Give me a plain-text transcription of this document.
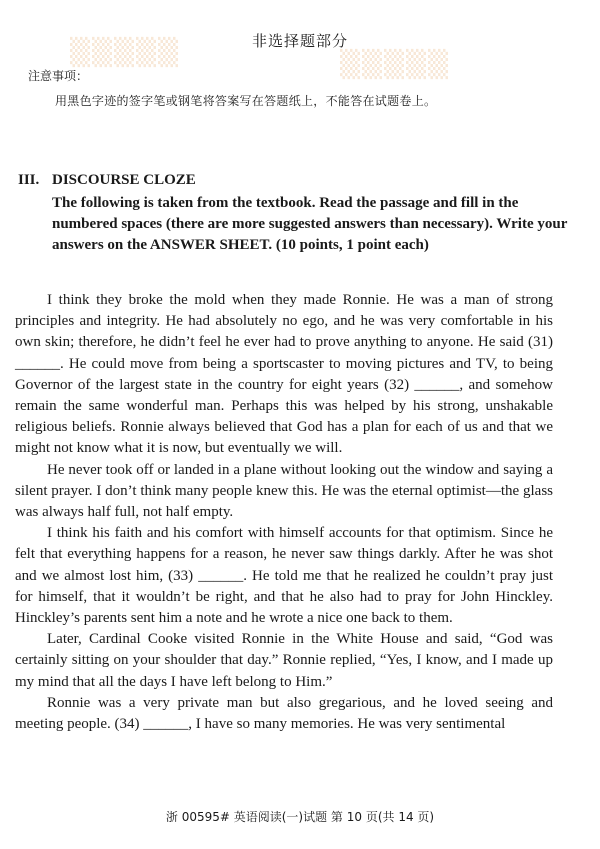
▒▒▒▒▒	▒▒▒▒▒
非选择题部分
注意事项：
用黑色字迹的签字笔或钢笔将答案写在答题纸上，不能答在试题卷上。
III. DISCOURSE CLOZE
The following is taken from the textbook. Read the passage and fill in the numbered spaces (there are more suggested answers than necessary). Write your answers on the ANSWER SHEET. (10 points, 1 point each)

I think they broke the mold when they made Ronnie. He was a man of strong principles and integrity. He had absolutely no ego, and he was very comfortable in his own skin; therefore, he didn’t feel he ever had to prove anything to anyone. He said (31) ______. He could move from being a sportscaster to moving pictures and TV, to being Governor of the largest state in the country for eight years (32) ______, and somehow remain the same wonderful man. Perhaps this was helped by his strong, unshakable religious beliefs. Ronnie always believed that God has a plan for each of us and that we might not know what it is now, but eventually we will.

He never took off or landed in a plane without looking out the window and saying a silent prayer. I don’t think many people knew this. He was the eternal optimist—the glass was always half full, not half empty.

I think his faith and his comfort with himself accounts for that optimism. Since he felt that everything happens for a reason, he never saw things darkly. After he was shot and we almost lost him, (33) ______. He told me that he realized he couldn’t pray just for himself, that it wouldn’t be right, and that he also had to pray for John Hinckley. Hinckley’s parents sent him a note and he wrote a nice one back to them.

Later, Cardinal Cooke visited Ronnie in the White House and said, “God was certainly sitting on your shoulder that day.” Ronnie replied, “Yes, I know, and I made up my mind that all the days I have left belong to Him.”

Ronnie was a very private man but also gregarious, and he loved seeing and meeting people. (34) ______, I have so many memories. He was very sentimental

浙 00595# 英语阅读(一)试题 第 10 页(共 14 页)
